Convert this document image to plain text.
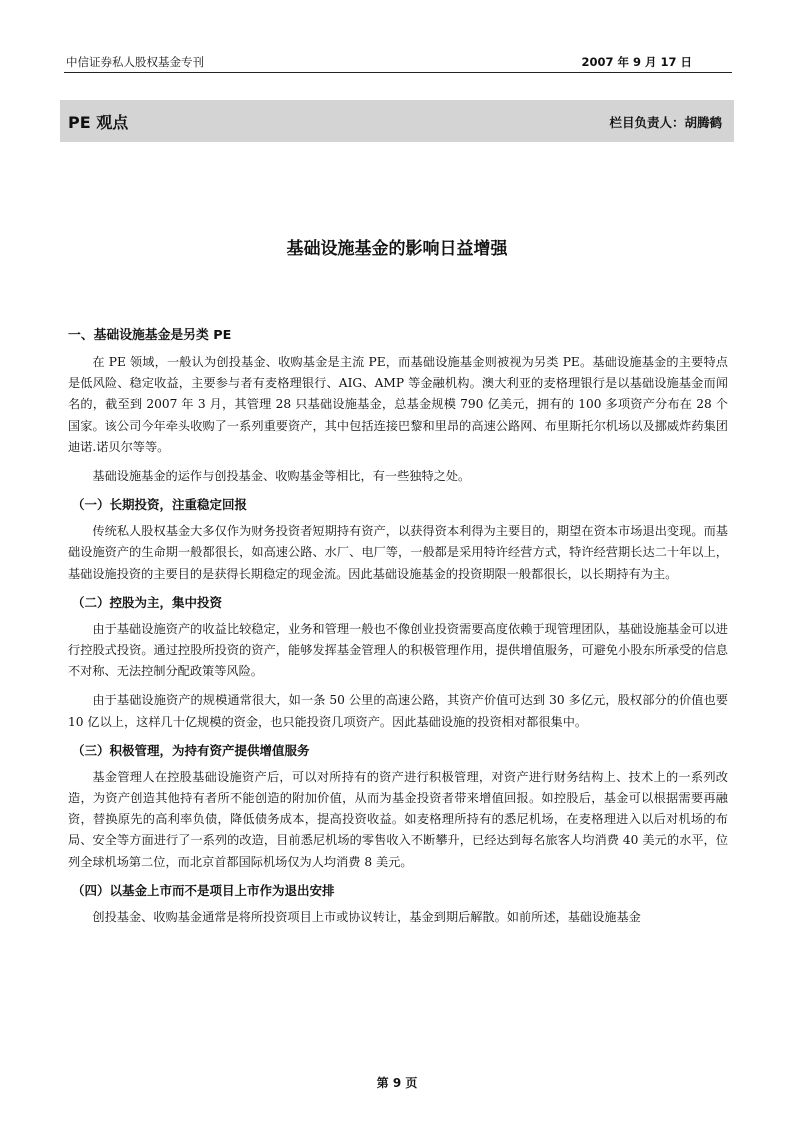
中信证券私人股权基金专刊	2007 年 9 月 17 日
PE 观点	栏目负责人：胡腾鹤
基础设施基金的影响日益增强
一、基础设施基金是另类 PE

在 PE 领域，一般认为创投基金、收购基金是主流 PE，而基础设施基金则被视为另类 PE。基础设施基金的主要特点是低风险、稳定收益，主要参与者有麦格理银行、AIG、AMP 等金融机构。澳大利亚的麦格理银行是以基础设施基金而闻名的，截至到 2007 年 3 月，其管理 28 只基础设施基金，总基金规模 790 亿美元，拥有的 100 多项资产分布在 28 个国家。该公司今年牵头收购了一系列重要资产，其中包括连接巴黎和里昂的高速公路网、布里斯托尔机场以及挪威炸药集团迪诺.诺贝尔等等。

基础设施基金的运作与创投基金、收购基金等相比，有一些独特之处。

（一）长期投资，注重稳定回报

传统私人股权基金大多仅作为财务投资者短期持有资产，以获得资本利得为主要目的，期望在资本市场退出变现。而基础设施资产的生命期一般都很长，如高速公路、水厂、电厂等，一般都是采用特许经营方式，特许经营期长达二十年以上，基础设施投资的主要目的是获得长期稳定的现金流。因此基础设施基金的投资期限一般都很长，以长期持有为主。

（二）控股为主，集中投资

由于基础设施资产的收益比较稳定，业务和管理一般也不像创业投资需要高度依赖于现管理团队，基础设施基金可以进行控股式投资。通过控股所投资的资产，能够发挥基金管理人的积极管理作用，提供增值服务，可避免小股东所承受的信息不对称、无法控制分配政策等风险。

由于基础设施资产的规模通常很大，如一条 50 公里的高速公路，其资产价值可达到 30 多亿元，股权部分的价值也要 10 亿以上，这样几十亿规模的资金，也只能投资几项资产。因此基础设施的投资相对都很集中。

（三）积极管理，为持有资产提供增值服务

基金管理人在控股基础设施资产后，可以对所持有的资产进行积极管理，对资产进行财务结构上、技术上的一系列改造，为资产创造其他持有者所不能创造的附加价值，从而为基金投资者带来增值回报。如控股后，基金可以根据需要再融资，替换原先的高利率负债，降低债务成本，提高投资收益。如麦格理所持有的悉尼机场，在麦格理进入以后对机场的布局、安全等方面进行了一系列的改造，目前悉尼机场的零售收入不断攀升，已经达到每名旅客人均消费 40 美元的水平，位列全球机场第二位，而北京首都国际机场仅为人均消费 8 美元。

（四）以基金上市而不是项目上市作为退出安排

创投基金、收购基金通常是将所投资项目上市或协议转让，基金到期后解散。如前所述，基础设施基金

第 9 页
